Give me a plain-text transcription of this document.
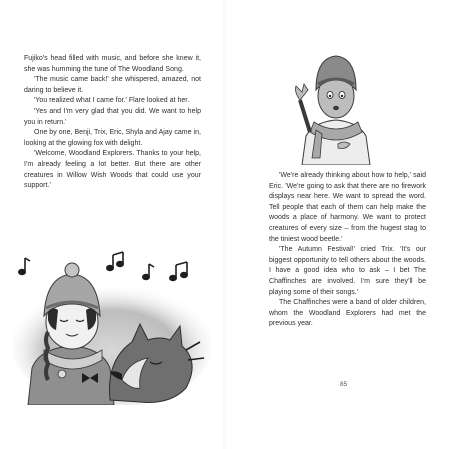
Fujiko's head filled with music, and before she knew it, she was humming the tune of The Woodland Song.

'The music came back!' she whispered, amazed, not daring to believe it.

'You realized what I came for.' Flare looked at her.

'Yes and I'm very glad that you did. We want to help you in return.'

One by one, Benji, Trix, Eric, Shyla and Ajay came in, looking at the glowing fox with delight.

'Welcome, Woodland Explorers. Thanks to your help, I'm already feeling a lot better. But there are other creatures in Willow Wish Woods that could use your support.'

'We're already thinking about how to help,' said Eric. 'We're going to ask that there are no firework displays near here. We want to spread the word. Tell people that each of them can help make the woods a place of harmony. We want to protect creatures of every size – from the hugest stag to the tiniest wood beetle.'

'The Autumn Festival!' cried Trix. 'It's our biggest opportunity to tell others about the woods. I have a good idea who to ask – I bet The Chaffinches are involved. I'm sure they'll be playing some of their songs.'

The Chaffinches were a band of older children, whom the Woodland Explorers had met the previous year.

85
